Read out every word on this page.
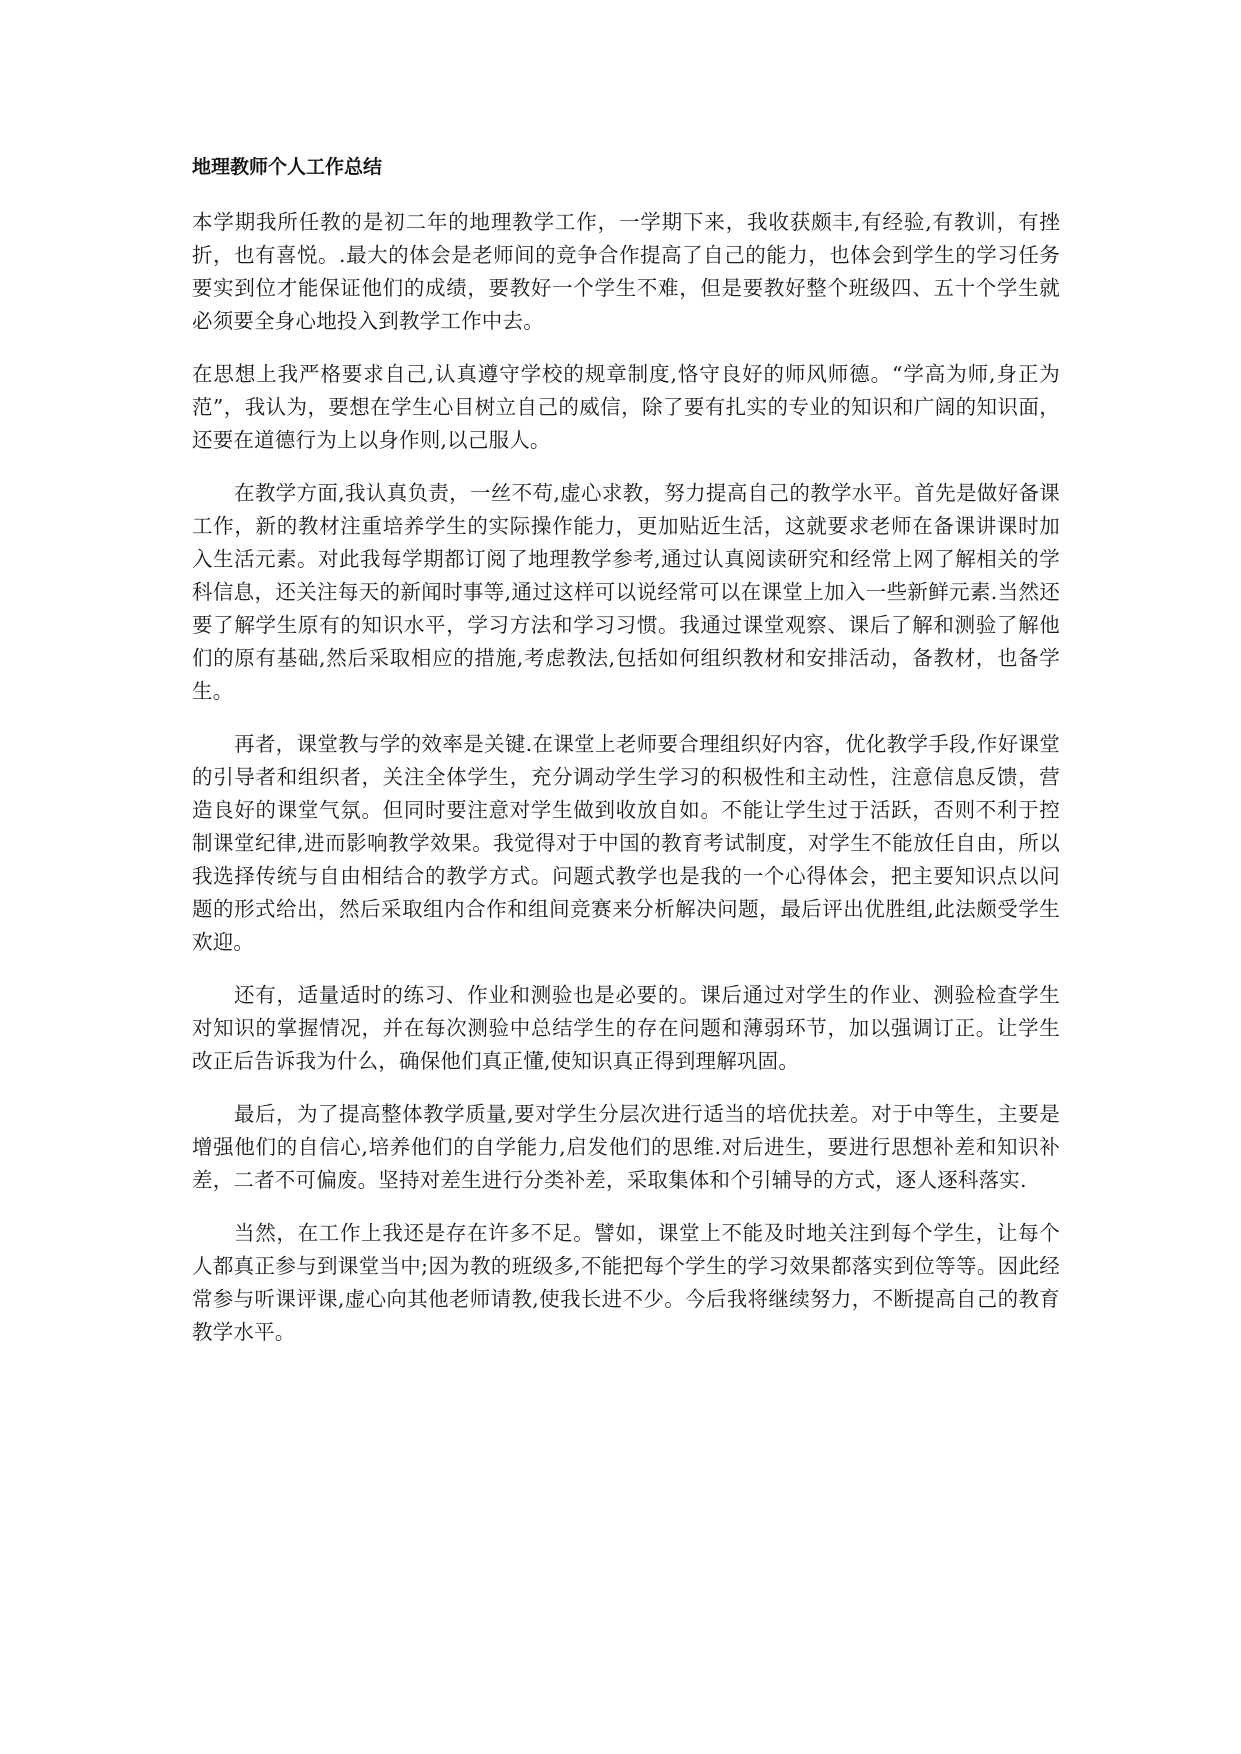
地理教师个人工作总结

本学期我所任教的是初二年的地理教学工作，一学期下来，我收获颇丰,有经验,有教训，有挫折，也有喜悦。.最大的体会是老师间的竞争合作提高了自己的能力，也体会到学生的学习任务要实到位才能保证他们的成绩，要教好一个学生不难，但是要教好整个班级四、五十个学生就必须要全身心地投入到教学工作中去。

在思想上我严格要求自己,认真遵守学校的规章制度,恪守良好的师风师德。“学高为师,身正为范”，我认为，要想在学生心目树立自己的威信，除了要有扎实的专业的知识和广阔的知识面，还要在道德行为上以身作则,以己服人。

在教学方面,我认真负责，一丝不苟,虚心求教，努力提高自己的教学水平。首先是做好备课工作，新的教材注重培养学生的实际操作能力，更加贴近生活，这就要求老师在备课讲课时加入生活元素。对此我每学期都订阅了地理教学参考,通过认真阅读研究和经常上网了解相关的学科信息，还关注每天的新闻时事等,通过这样可以说经常可以在课堂上加入一些新鲜元素.当然还要了解学生原有的知识水平，学习方法和学习习惯。我通过课堂观察、课后了解和测验了解他们的原有基础,然后采取相应的措施,考虑教法,包括如何组织教材和安排活动，备教材，也备学生。

再者，课堂教与学的效率是关键.在课堂上老师要合理组织好内容，优化教学手段,作好课堂的引导者和组织者，关注全体学生，充分调动学生学习的积极性和主动性，注意信息反馈，营造良好的课堂气氛。但同时要注意对学生做到收放自如。不能让学生过于活跃，否则不利于控制课堂纪律,进而影响教学效果。我觉得对于中国的教育考试制度，对学生不能放任自由，所以我选择传统与自由相结合的教学方式。问题式教学也是我的一个心得体会，把主要知识点以问题的形式给出，然后采取组内合作和组间竞赛来分析解决问题，最后评出优胜组,此法颇受学生欢迎。

还有，适量适时的练习、作业和测验也是必要的。课后通过对学生的作业、测验检查学生对知识的掌握情况，并在每次测验中总结学生的存在问题和薄弱环节，加以强调订正。让学生改正后告诉我为什么，确保他们真正懂,使知识真正得到理解巩固。

最后，为了提高整体教学质量,要对学生分层次进行适当的培优扶差。对于中等生，主要是增强他们的自信心,培养他们的自学能力,启发他们的思维.对后进生，要进行思想补差和知识补差，二者不可偏废。坚持对差生进行分类补差，采取集体和个引辅导的方式，逐人逐科落实.

当然，在工作上我还是存在许多不足。譬如，课堂上不能及时地关注到每个学生，让每个人都真正参与到课堂当中;因为教的班级多,不能把每个学生的学习效果都落实到位等等。因此经常参与听课评课,虚心向其他老师请教,使我长进不少。今后我将继续努力，不断提高自己的教育教学水平。
